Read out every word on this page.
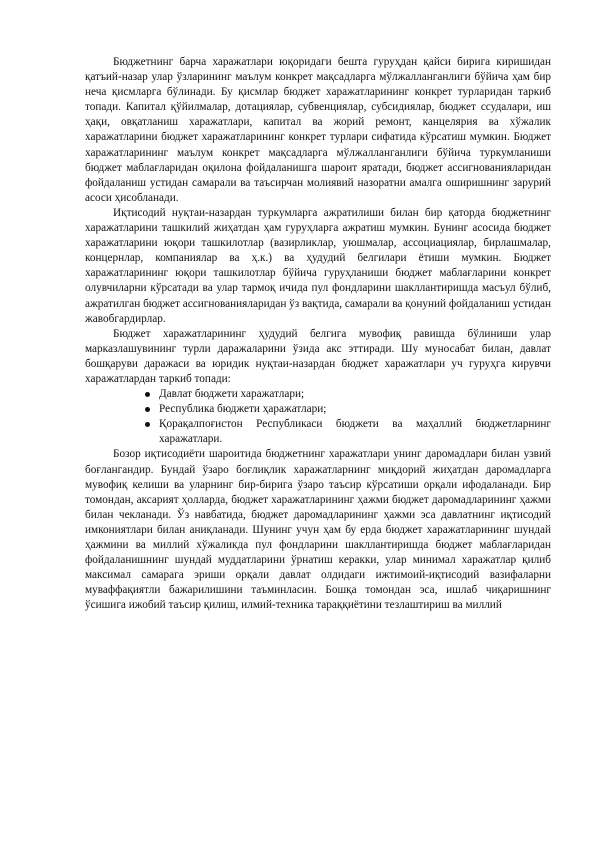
Бюджетнинг барча харажатлари юқоридаги бешта гуруҳдан қайси бирига киришидан қатъий-назар улар ўзларининг маълум конкрет мақсадларга мўлжалланганлиги бўйича ҳам бир неча қисмларга бўлинади. Бу қисмлар бюджет харажатларининг конкрет турларидан таркиб топади. Капитал қўйилмалар, дотациялар, субвенциялар, субсидиялар, бюджет ссудалари, иш ҳақи, овқатланиш харажатлари, капитал ва жорий ремонт, канцелярия ва хўжалик харажатларини бюджет харажатларининг конкрет турлари сифатида кўрсатиш мумкин. Бюджет харажатларининг маълум конкрет мақсадларга мўлжалланганлиги бўйича туркумланиши бюджет маблағларидан оқилона фойдаланишга шароит яратади, бюджет ассигнованияларидан фойдаланиш устидан самарали ва таъсирчан молиявий назоратни амалга оширишнинг зарурий асоси ҳисобланади.

Иқтисодий нуқтаи-назардан туркумларга ажратилиши билан бир қаторда бюджетнинг харажатларини ташкилий жиҳатдан ҳам гуруҳларга ажратиш мумкин. Бунинг асосида бюджет харажатларини юқори ташкилотлар (вазирликлар, уюшмалар, ассоциациялар, бирлашмалар, концернлар, компаниялар ва ҳ.к.) ва ҳудудий белгилари ётиши мумкин. Бюджет харажатларининг юқори ташкилотлар бўйича гуруҳланиши бюджет маблағларини конкрет олувчиларни кўрсатади ва улар тармоқ ичида пул фондларини шакллантиришда масъул бўлиб, ажратилган бюджет ассигнованияларидан ўз вақтида, самарали ва қонуний фойдаланиш устидан жавобгардирлар.

Бюджет харажатларининг ҳудудий белгига мувофиқ равишда бўлиниши улар марказлашувининг турли даражаларини ўзида акс эттиради. Шу муносабат билан, давлат бошқаруви даражаси ва юридик нуқтаи-назардан бюджет харажатлари уч гуруҳга кирувчи харажатлардан таркиб топади:

Давлат бюджети харажатлари;
Республика бюджети ҳаражатлари;
Қорақалпоғистон Республикаси бюджети ва маҳаллий бюджетларнинг харажатлари.

Бозор иқтисодиёти шароитида бюджетнинг харажатлари унинг даромадлари билан узвий боғлангандир. Бундай ўзаро боғлиқлик харажатларнинг миқдорий жиҳатдан даромадларга мувофиқ келиши ва уларнинг бир-бирига ўзаро таъсир кўрсатиши орқали ифодаланади. Бир томондан, аксарият ҳолларда, бюджет харажатларининг ҳажми бюджет даромадларининг ҳажми билан чекланади. Ўз навбатида, бюджет даромадларининг ҳажми эса давлатнинг иқтисодий имкониятлари билан аниқланади. Шунинг учун ҳам бу ерда бюджет харажатларининг шундай ҳажмини ва миллий хўжаликда пул фондларини шакллантиришда бюджет маблағларидан фойдаланишнинг шундай муддатларини ўрнатиш керакки, улар минимал харажатлар қилиб максимал самарага эриши орқали давлат олдидаги ижтимоий-иқтисодий вазифаларни муваффақиятли бажарилишини таъминласин. Бошқа томондан эса, ишлаб чиқаришнинг ўсишига ижобий таъсир қилиш, илмий-техника тараққиётини тезлаштириш ва миллий
